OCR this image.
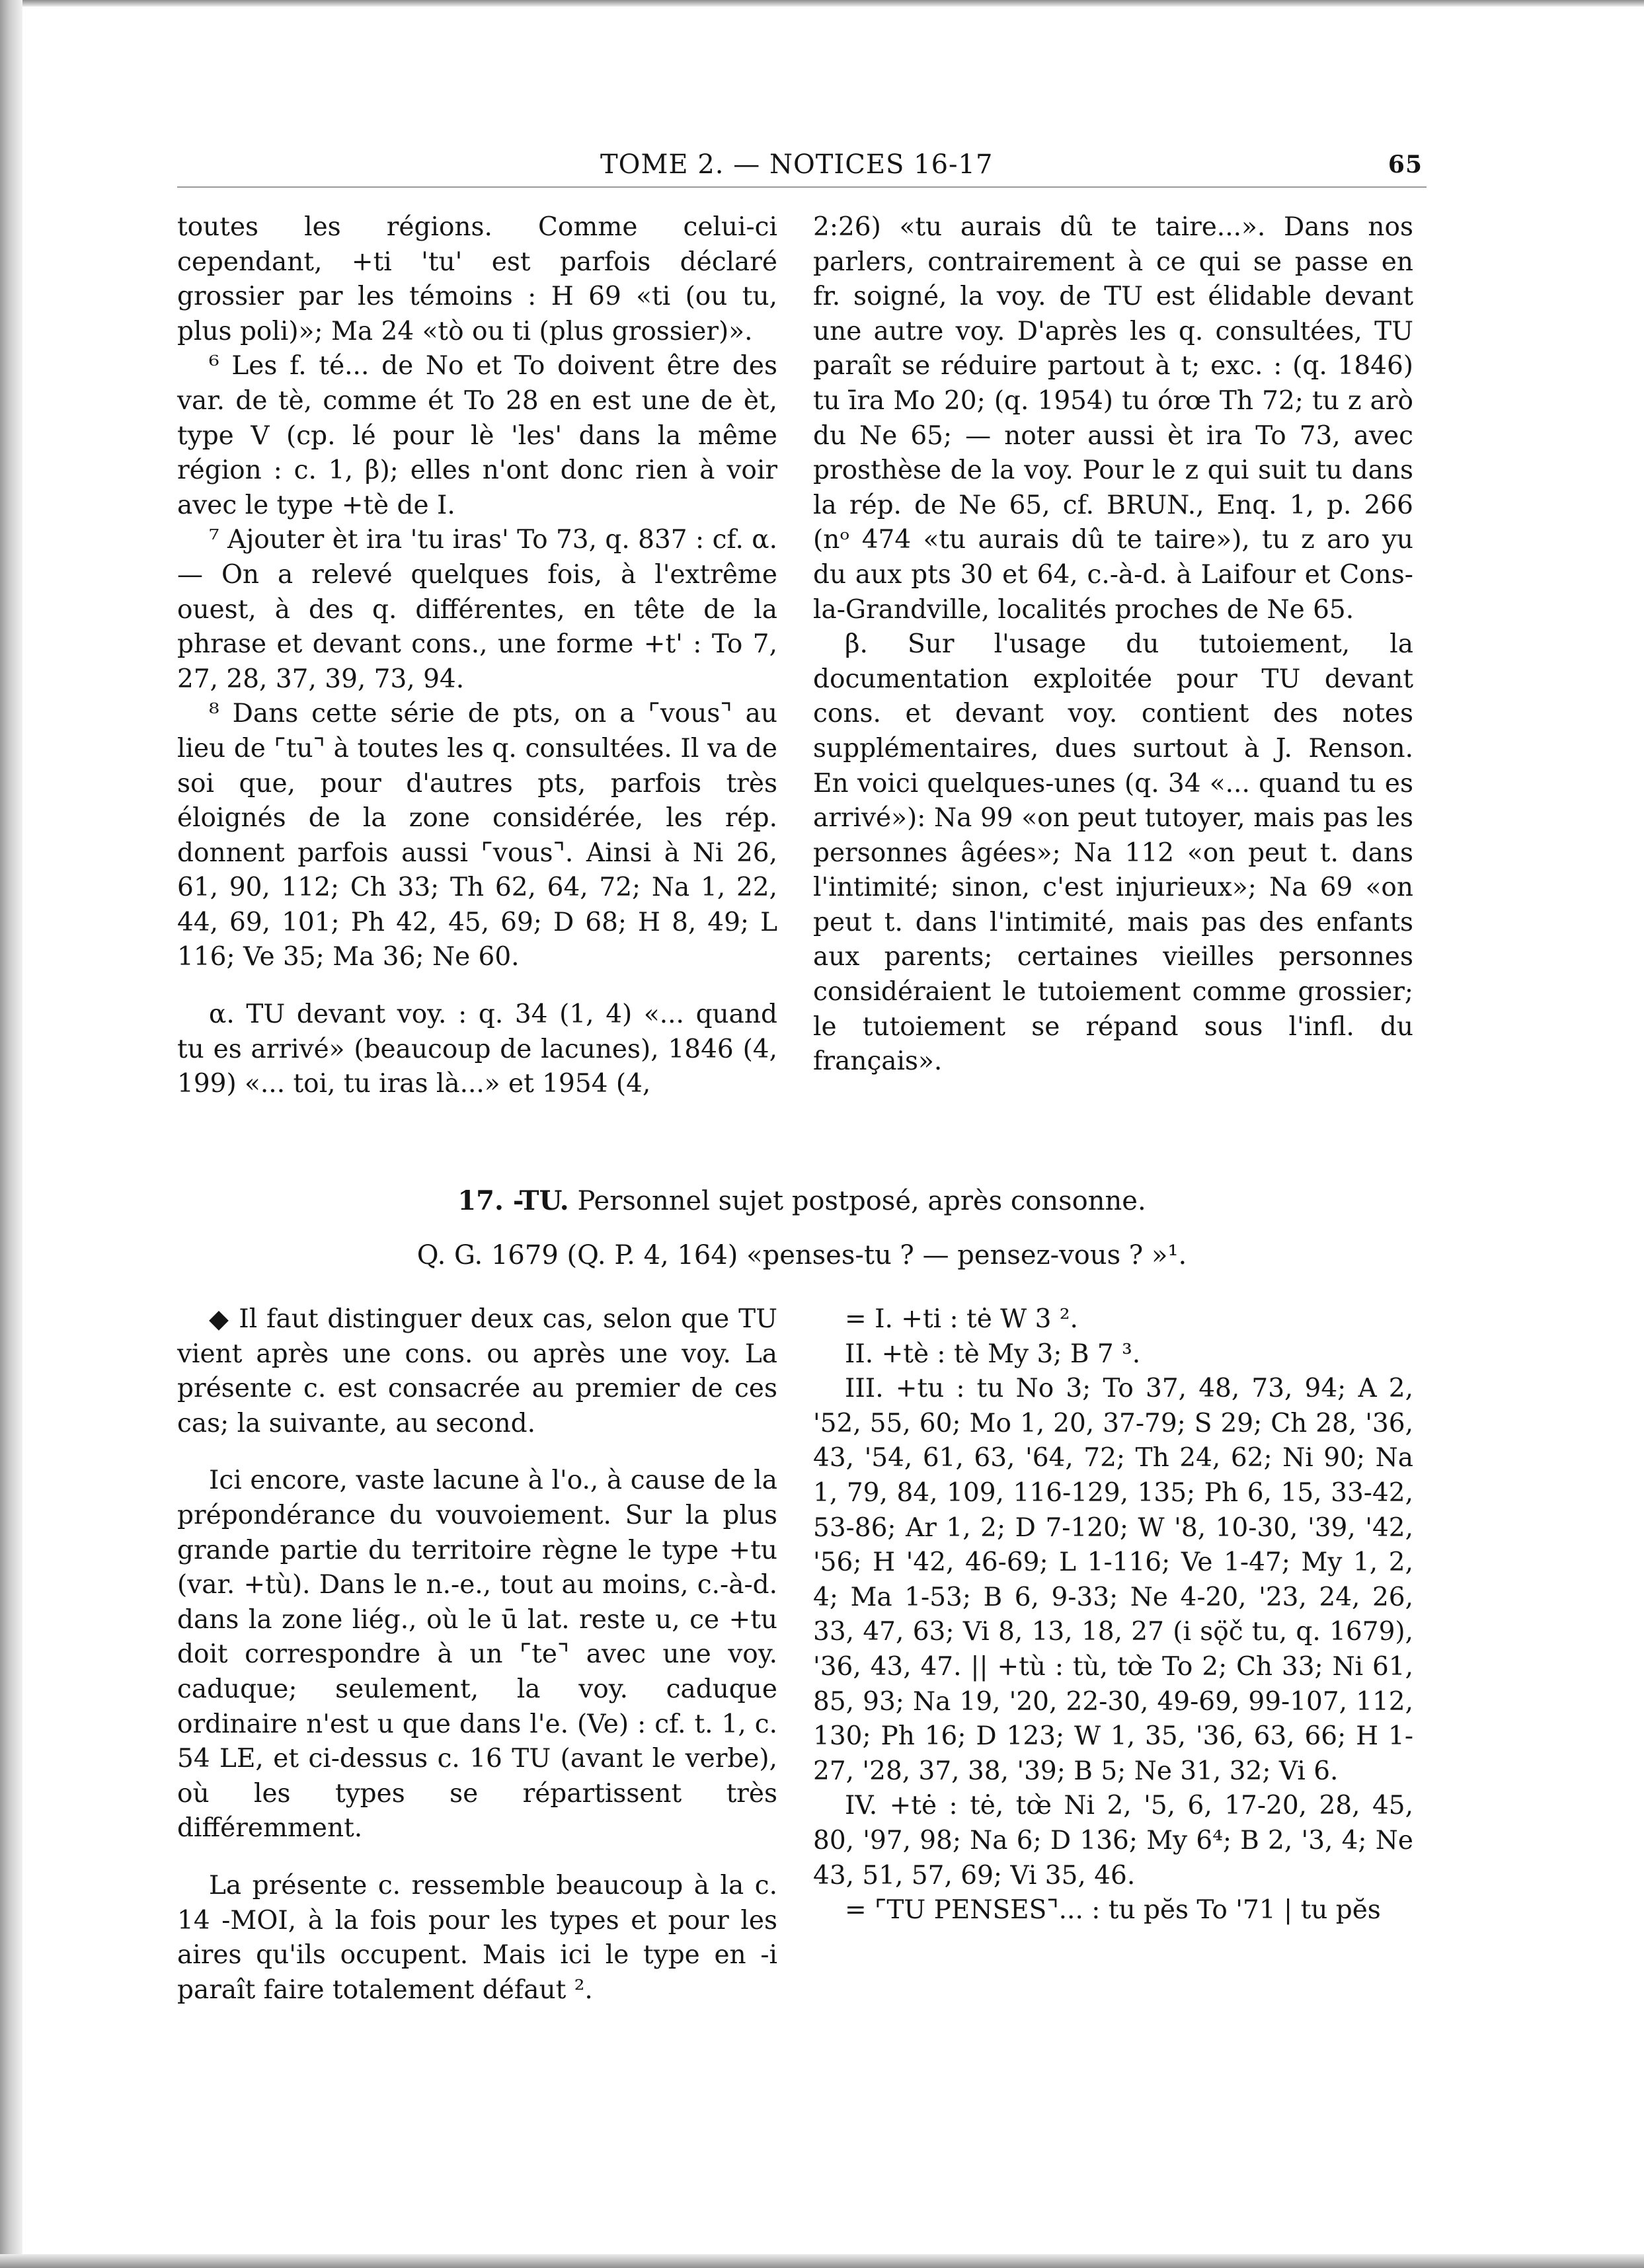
TOME 2. — NOTICES 16-17	65

toutes les régions. Comme celui-ci cependant, +ti 'tu' est parfois déclaré grossier par les témoins : H 69 «ti (ou tu, plus poli)»; Ma 24 «tò ou ti (plus grossier)».

⁶ Les f. té... de No et To doivent être des var. de tè, comme ét To 28 en est une de èt, type V (cp. lé pour lè 'les' dans la même région : c. 1, β); elles n'ont donc rien à voir avec le type +tè de I.

⁷ Ajouter èt ira 'tu iras' To 73, q. 837 : cf. α. — On a relevé quelques fois, à l'extrême ouest, à des q. différentes, en tête de la phrase et devant cons., une forme +t' : To 7, 27, 28, 37, 39, 73, 94.

⁸ Dans cette série de pts, on a ⌜vous⌝ au lieu de ⌜tu⌝ à toutes les q. consultées. Il va de soi que, pour d'autres pts, parfois très éloignés de la zone considérée, les rép. donnent parfois aussi ⌜vous⌝. Ainsi à Ni 26, 61, 90, 112; Ch 33; Th 62, 64, 72; Na 1, 22, 44, 69, 101; Ph 42, 45, 69; D 68; H 8, 49; L 116; Ve 35; Ma 36; Ne 60.

α. TU devant voy. : q. 34 (1, 4) «... quand tu es arrivé» (beaucoup de lacunes), 1846 (4, 199) «... toi, tu iras là...» et 1954 (4,

2:26) «tu aurais dû te taire...». Dans nos parlers, contrairement à ce qui se passe en fr. soigné, la voy. de TU est élidable devant une autre voy. D'après les q. consultées, TU paraît se réduire partout à t; exc. : (q. 1846) tu īra Mo 20; (q. 1954) tu órœ Th 72; tu z arò du Ne 65; — noter aussi èt ira To 73, avec prosthèse de la voy. Pour le z qui suit tu dans la rép. de Ne 65, cf. BRUN., Enq. 1, p. 266 (nᵒ 474 «tu aurais dû te taire»), tu z aro yu du aux pts 30 et 64, c.-à-d. à Laifour et Cons-la-Grandville, localités proches de Ne 65.

β. Sur l'usage du tutoiement, la documentation exploitée pour TU devant cons. et devant voy. contient des notes supplémentaires, dues surtout à J. Renson. En voici quelques-unes (q. 34 «... quand tu es arrivé»): Na 99 «on peut tutoyer, mais pas les personnes âgées»; Na 112 «on peut t. dans l'intimité; sinon, c'est injurieux»; Na 69 «on peut t. dans l'intimité, mais pas des enfants aux parents; certaines vieilles personnes considéraient le tutoiement comme grossier; le tutoiement se répand sous l'infl. du français».

17. -TU. Personnel sujet postposé, après consonne.
Q. G. 1679 (Q. P. 4, 164) «penses-tu ? — pensez-vous ? »¹.

◆ Il faut distinguer deux cas, selon que TU vient après une cons. ou après une voy. La présente c. est consacrée au premier de ces cas; la suivante, au second.

Ici encore, vaste lacune à l'o., à cause de la prépondérance du vouvoiement. Sur la plus grande partie du territoire règne le type +tu (var. +tù). Dans le n.-e., tout au moins, c.-à-d. dans la zone liég., où le ū lat. reste u, ce +tu doit correspondre à un ⌜te⌝ avec une voy. caduque; seulement, la voy. caduque ordinaire n'est u que dans l'e. (Ve) : cf. t. 1, c. 54 LE, et ci-dessus c. 16 TU (avant le verbe), où les types se répartissent très différemment.

La présente c. ressemble beaucoup à la c. 14 -MOI, à la fois pour les types et pour les aires qu'ils occupent. Mais ici le type en -i paraît faire totalement défaut ².

= I. +ti : tė W 3 ².

II. +tè : tè My 3; B 7 ³.

III. +tu : tu No 3; To 37, 48, 73, 94; A 2, '52, 55, 60; Mo 1, 20, 37-79; S 29; Ch 28, '36, 43, '54, 61, 63, '64, 72; Th 24, 62; Ni 90; Na 1, 79, 84, 109, 116-129, 135; Ph 6, 15, 33-42, 53-86; Ar 1, 2; D 7-120; W '8, 10-30, '39, '42, '56; H '42, 46-69; L 1-116; Ve 1-47; My 1, 2, 4; Ma 1-53; B 6, 9-33; Ne 4-20, '23, 24, 26, 33, 47, 63; Vi 8, 13, 18, 27 (i sǫ̈č tu, q. 1679), '36, 43, 47. || +tù : tù, tœ̀ To 2; Ch 33; Ni 61, 85, 93; Na 19, '20, 22-30, 49-69, 99-107, 112, 130; Ph 16; D 123; W 1, 35, '36, 63, 66; H 1-27, '28, 37, 38, '39; B 5; Ne 31, 32; Vi 6.

IV. +tė : tė, tœ̀ Ni 2, '5, 6, 17-20, 28, 45, 80, '97, 98; Na 6; D 136; My 6⁴; B 2, '3, 4; Ne 43, 51, 57, 69; Vi 35, 46.

= ⌜TU PENSES⌝... : tu pĕs To '71 | tu pĕs
